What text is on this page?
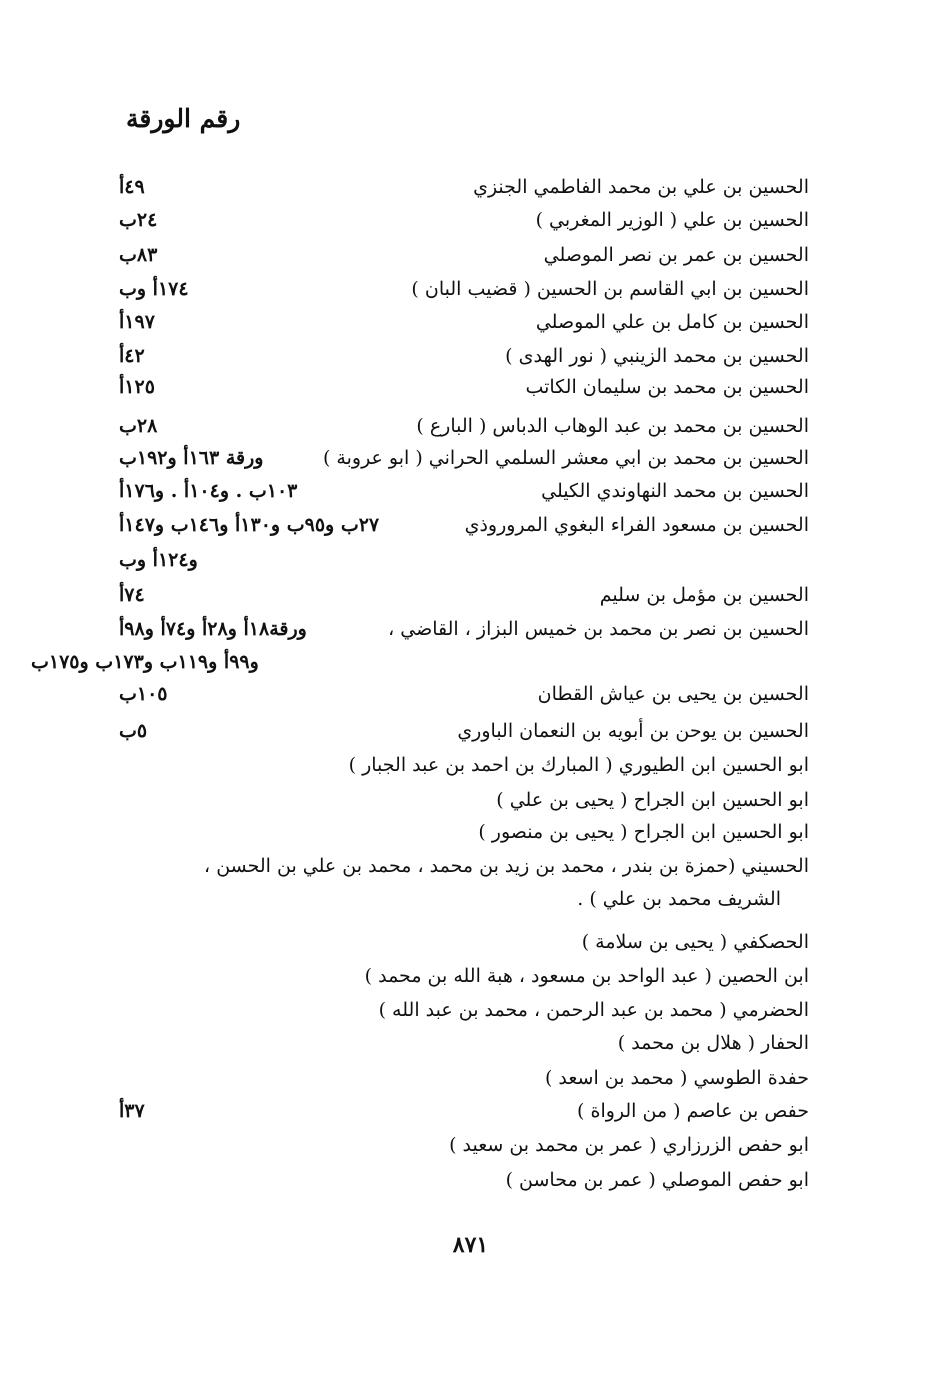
رقم الورقة
الحسين بن علي بن محمد الفاطمي الجنزي
٤٩أ
الحسين بن علي ( الوزير المغربي )
٢٤ب
الحسين بن عمر بن نصر الموصلي
٨٣ب
الحسين بن ابي القاسم بن الحسين ( قضيب البان )
١٧٤أ وب
الحسين بن كامل بن علي الموصلي
١٩٧أ
الحسين بن محمد الزينبي ( نور الهدى )
٤٢أ
الحسين بن محمد بن سليمان الكاتب
١٢٥أ
الحسين بن محمد بن عبد الوهاب الدباس ( البارع )
٢٨ب
الحسين بن محمد بن ابي معشر السلمي الحراني ( ابو عروبة )
ورقة ١٦٣أ و١٩٢ب
الحسين بن محمد النهاوندي الكيلي
١٠٣ب . و١٠٤أ . و١٧٦أ
الحسين بن مسعود الفراء البغوي المروروذي
٢٧ب و٩٥ب و١٣٠أ و١٤٦ب و١٤٧أ
و١٢٤أ وب
الحسين بن مؤمل بن سليم
٧٤أ
الحسين بن نصر بن محمد بن خميس البزاز ، القاضي ،
ورقة١٨أ و٢٨أ و٧٤أ و٩٨أ
و٩٩أ و١١٩ب و١٧٣ب و١٧٥ب
الحسين بن يحيى بن عياش القطان
١٠٥ب
الحسين بن يوحن بن أبويه بن النعمان الباوري
٥ب
ابو الحسين ابن الطيوري ( المبارك بن احمد بن عبد الجبار )
ابو الحسين ابن الجراح ( يحيى بن علي )
ابو الحسين ابن الجراح ( يحيى بن منصور )
الحسيني (حمزة بن بندر ، محمد بن زيد بن محمد ، محمد بن علي بن الحسن ،
الشريف محمد بن علي ) .
الحصكفي ( يحيى بن سلامة )
ابن الحصين ( عبد الواحد بن مسعود ، هبة الله بن محمد )
الحضرمي ( محمد بن عبد الرحمن ، محمد بن عبد الله )
الحفار ( هلال بن محمد )
حفدة الطوسي ( محمد بن اسعد )
حفص بن عاصم ( من الرواة )
٣٧أ
ابو حفص الزرزاري ( عمر بن محمد بن سعيد )
ابو حفص الموصلي ( عمر بن محاسن )
٨٧١
